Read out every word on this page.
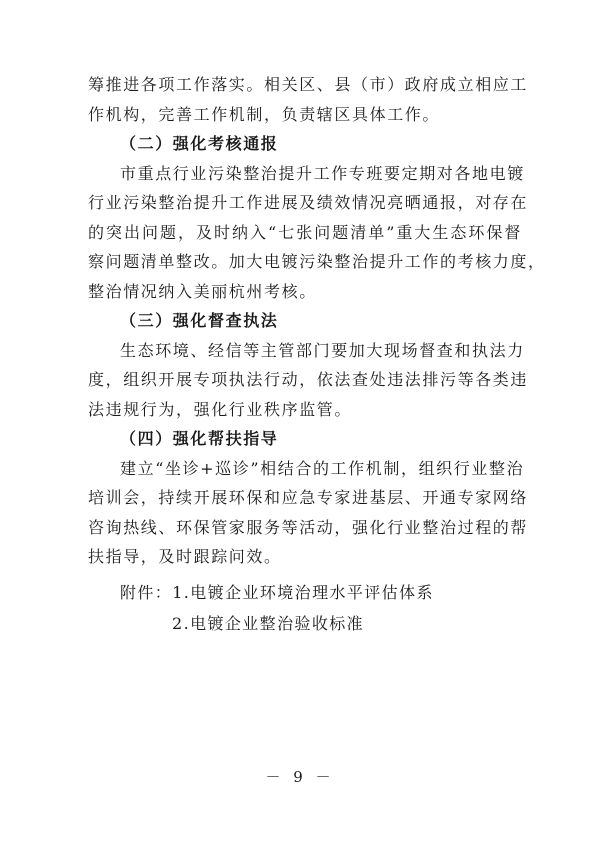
筹推进各项工作落实。相关区、县（市）政府成立相应工
作机构，完善工作机制，负责辖区具体工作。
（二）强化考核通报
市重点行业污染整治提升工作专班要定期对各地电镀
行业污染整治提升工作进展及绩效情况亮晒通报，对存在
的突出问题，及时纳入“七张问题清单”重大生态环保督
察问题清单整改。加大电镀污染整治提升工作的考核力度，
整治情况纳入美丽杭州考核。
（三）强化督查执法
生态环境、经信等主管部门要加大现场督查和执法力
度，组织开展专项执法行动，依法查处违法排污等各类违
法违规行为，强化行业秩序监管。
（四）强化帮扶指导
建立“坐诊+巡诊”相结合的工作机制，组织行业整治
培训会，持续开展环保和应急专家进基层、开通专家网络
咨询热线、环保管家服务等活动，强化行业整治过程的帮
扶指导，及时跟踪问效。
附件：1.电镀企业环境治理水平评估体系
2.电镀企业整治验收标准
－ 9 －
